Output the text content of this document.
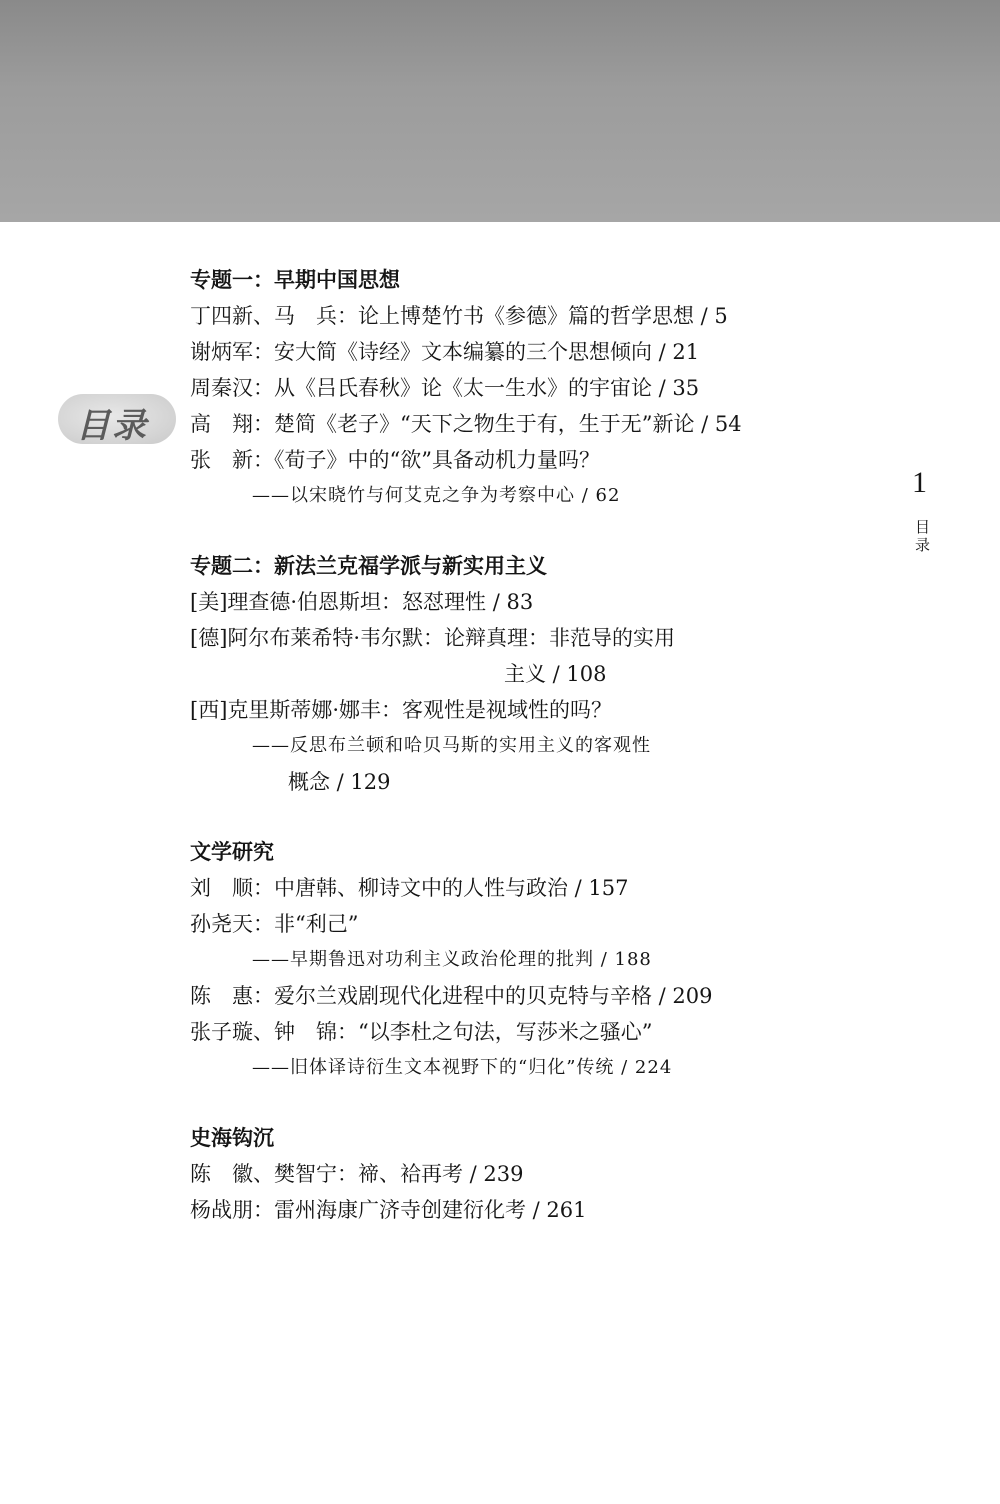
目录
1
目录
专题一：早期中国思想
丁四新、马　兵：论上博楚竹书《参德》篇的哲学思想 / 5
谢炳军：安大简《诗经》文本编纂的三个思想倾向 / 21
周秦汉：从《吕氏春秋》论《太一生水》的宇宙论 / 35
高　翔：楚简《老子》“天下之物生于有，生于无”新论 / 54
张　新：《荀子》中的“欲”具备动机力量吗？
——以宋晓竹与何艾克之争为考察中心 / 62
专题二：新法兰克福学派与新实用主义
[美]理查德·伯恩斯坦：怒怼理性 / 83
[德]阿尔布莱希特·韦尔默：论辩真理：非范导的实用
主义 / 108
[西]克里斯蒂娜·娜丰：客观性是视域性的吗？
——反思布兰顿和哈贝马斯的实用主义的客观性
概念 / 129
文学研究
刘　顺：中唐韩、柳诗文中的人性与政治 / 157
孙尧天：非“利己”
——早期鲁迅对功利主义政治伦理的批判 / 188
陈　惠：爱尔兰戏剧现代化进程中的贝克特与辛格 / 209
张子璇、钟　锦：“以李杜之句法，写莎米之骚心”
——旧体译诗衍生文本视野下的“归化”传统 / 224
史海钩沉
陈　徽、樊智宁：禘、袷再考 / 239
杨战朋：雷州海康广济寺创建衍化考 / 261
